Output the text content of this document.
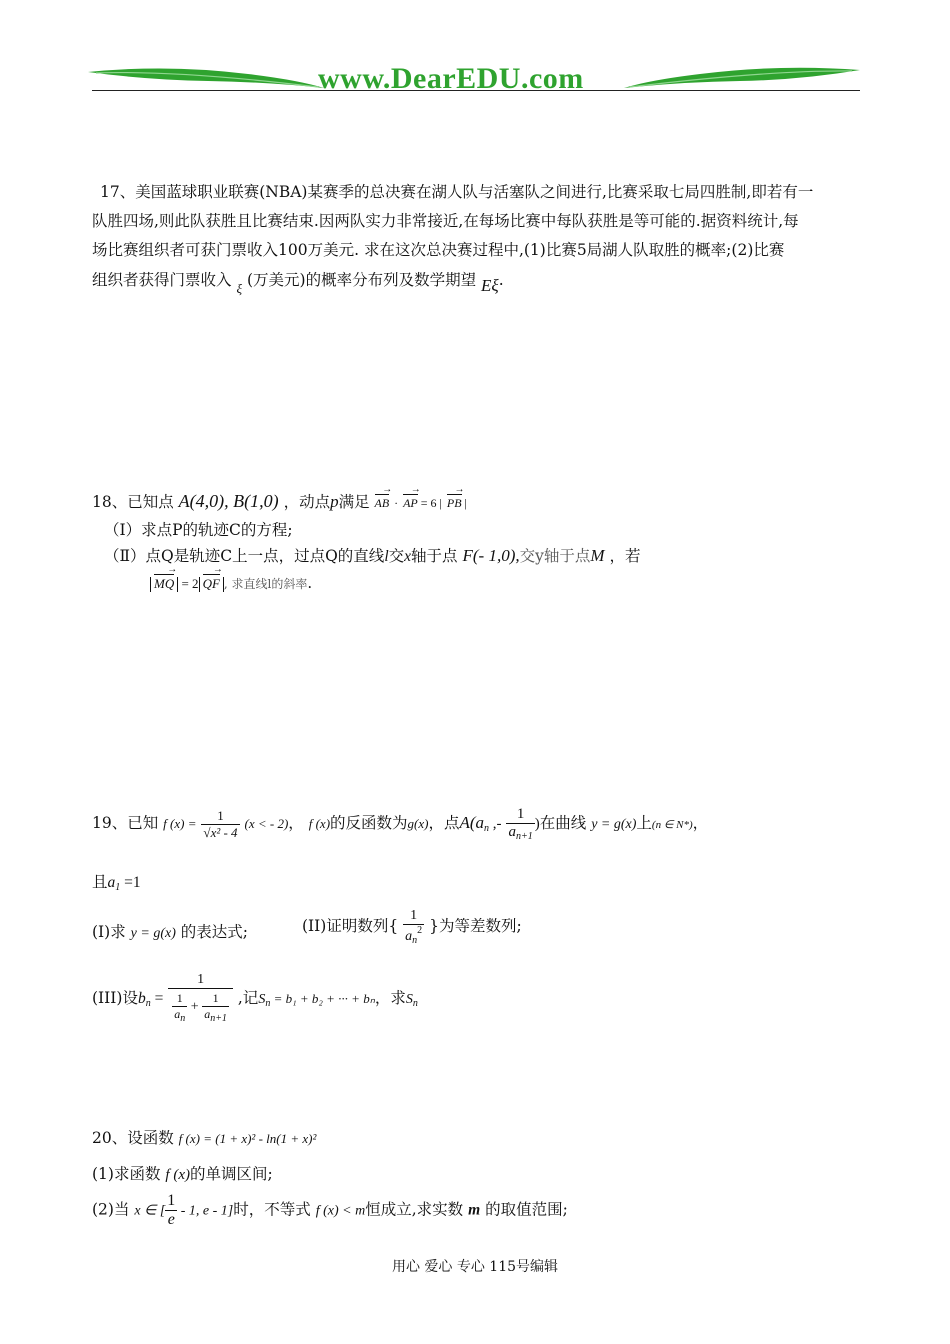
www.DearEDU.com
17、美国蓝球职业联赛(NBA)某赛季的总决赛在湖人队与活塞队之间进行,比赛采取七局四胜制,即若有一
队胜四场,则此队获胜且比赛结束.因两队实力非常接近,在每场比赛中每队获胜是等可能的.据资料统计,每
场比赛组织者可获门票收入100万美元. 求在这次总决赛过程中,(1)比赛5局湖人队取胜的概率;(2)比赛
组织者获得门票收入 $_\xi$ (万美元)的概率分布列及数学期望 Eξ.
18、已知点 A(4,0), B(1,0) ，动点p满足 AB → · AP → = 6 | PB → |
（Ⅰ）求点P的轨迹C的方程;
（Ⅱ）点Q是轨迹C上一点，过点Q的直线l交x轴于点 F(- 1,0),交y轴于点M ，若
MQ → = 2 QF → , 求直线l的斜率.
19、已知 f $(x) = \frac{1}{\text{√x² - 4}} (x$ < - 2)， f (x)的反函数为g(x)，点$A(a_n$ ,- $\frac{1}{a_{n+1}}$ )在曲线 y = g(x)上(n ∈ N*)，
且$a_1 =1$
(I)求 y = g(x) 的表达式;	(II)证明数列{ $\frac{1}{a_n^2}$ }为等差数列;
(III)设$b_n = \frac{1}{\frac{1}{a_n} + \frac{1}{a_{n+1}}}$ ,记$S_n = b_1 + b_2$ + ··· + bₙ，求$S_n$
20、设函数 f (x) = (1 + x)² - ln(1 + x)²
(1)求函数 f (x)的单调区间;
(2)当 x ∈ [ $\frac{1}{e} - 1$, e - 1]时，不等式 f (x) < m恒成立,求实数 m 的取值范围;
用心 爱心 专心 115号编辑
